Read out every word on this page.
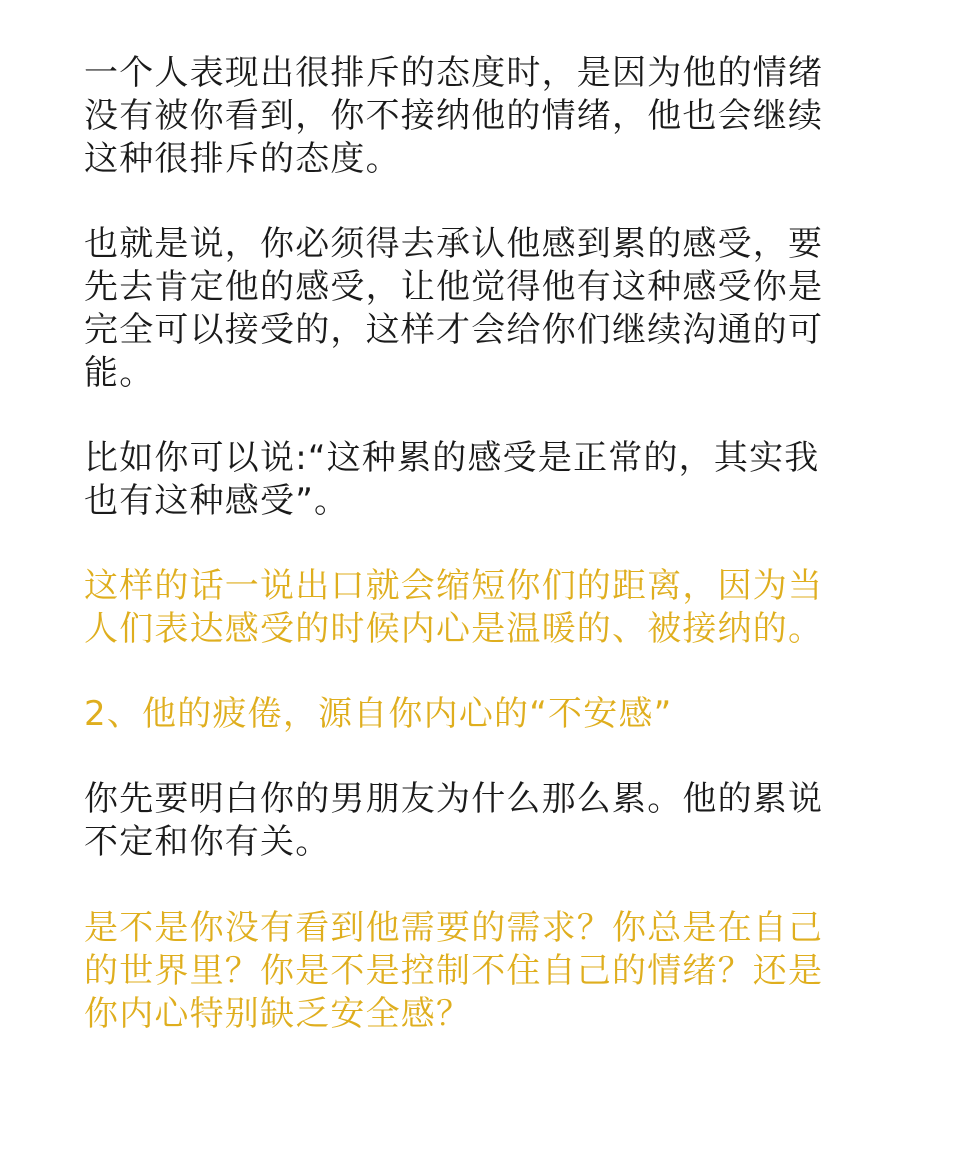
一个人表现出很排斥的态度时，是因为他的情绪
没有被你看到，你不接纳他的情绪，他也会继续
这种很排斥的态度。

也就是说，你必须得去承认他感到累的感受，要
先去肯定他的感受，让他觉得他有这种感受你是
完全可以接受的，这样才会给你们继续沟通的可
能。

比如你可以说:“这种累的感受是正常的，其实我
也有这种感受”。

这样的话一说出口就会缩短你们的距离，因为当
人们表达感受的时候内心是温暖的、被接纳的。

2、他的疲倦，源自你内心的“不安感”

你先要明白你的男朋友为什么那么累。他的累说
不定和你有关。

是不是你没有看到他需要的需求？你总是在自己
的世界里？你是不是控制不住自己的情绪？还是
你内心特别缺乏安全感？
